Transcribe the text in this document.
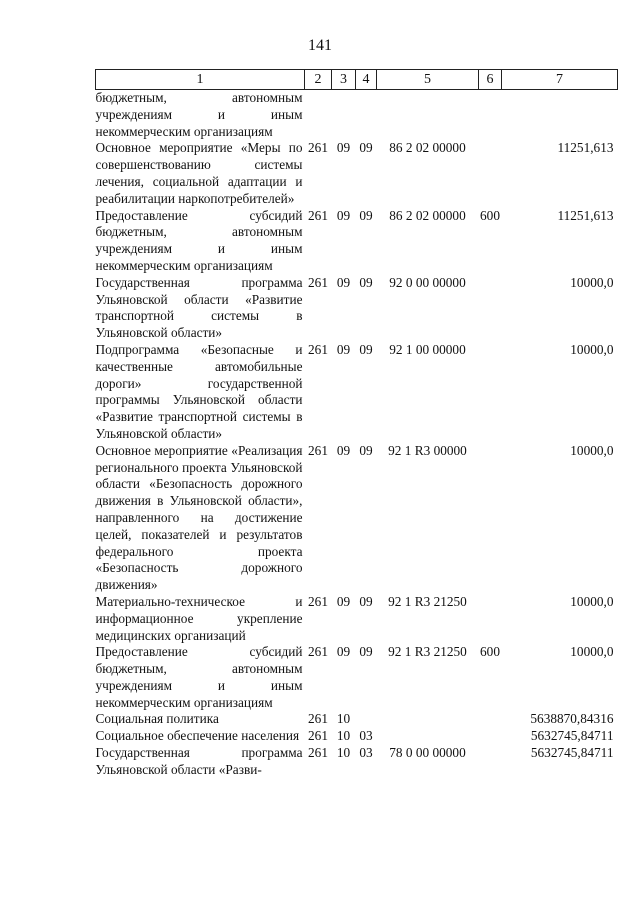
141
1	2	3	4	5	6	7
бюджетным, автономным учреждениям и иным некоммерческим организациям						
Основное мероприятие «Меры по совершенствованию системы лечения, социальной адаптации и реабилитации наркопотребителей»	261	09	09	86 2 02 00000		11251,613
Предоставление субсидий бюджетным, автономным учреждениям и иным некоммерческим организациям	261	09	09	86 2 02 00000	600	11251,613
Государственная программа Ульяновской области «Развитие транспортной системы в Ульяновской области»	261	09	09	92 0 00 00000		10000,0
Подпрограмма «Безопасные и качественные автомобильные дороги» государственной программы Ульяновской области «Развитие транспортной системы в Ульяновской области»	261	09	09	92 1 00 00000		10000,0
Основное мероприятие «Реализация регионального проекта Ульяновской области «Безопасность дорожного движения в Ульяновской области», направленного на достижение целей, показателей и результатов федерального проекта «Безопасность дорожного движения»	261	09	09	92 1 R3 00000		10000,0
Материально-техническое и информационное укрепление медицинских организаций	261	09	09	92 1 R3 21250		10000,0
Предоставление субсидий бюджетным, автономным учреждениям и иным некоммерческим организациям	261	09	09	92 1 R3 21250	600	10000,0
Социальная политика	261	10				5638870,84316
Социальное обеспечение населения	261	10	03			5632745,84711
Государственная программа Ульяновской области «Разви-	261	10	03	78 0 00 00000		5632745,84711
